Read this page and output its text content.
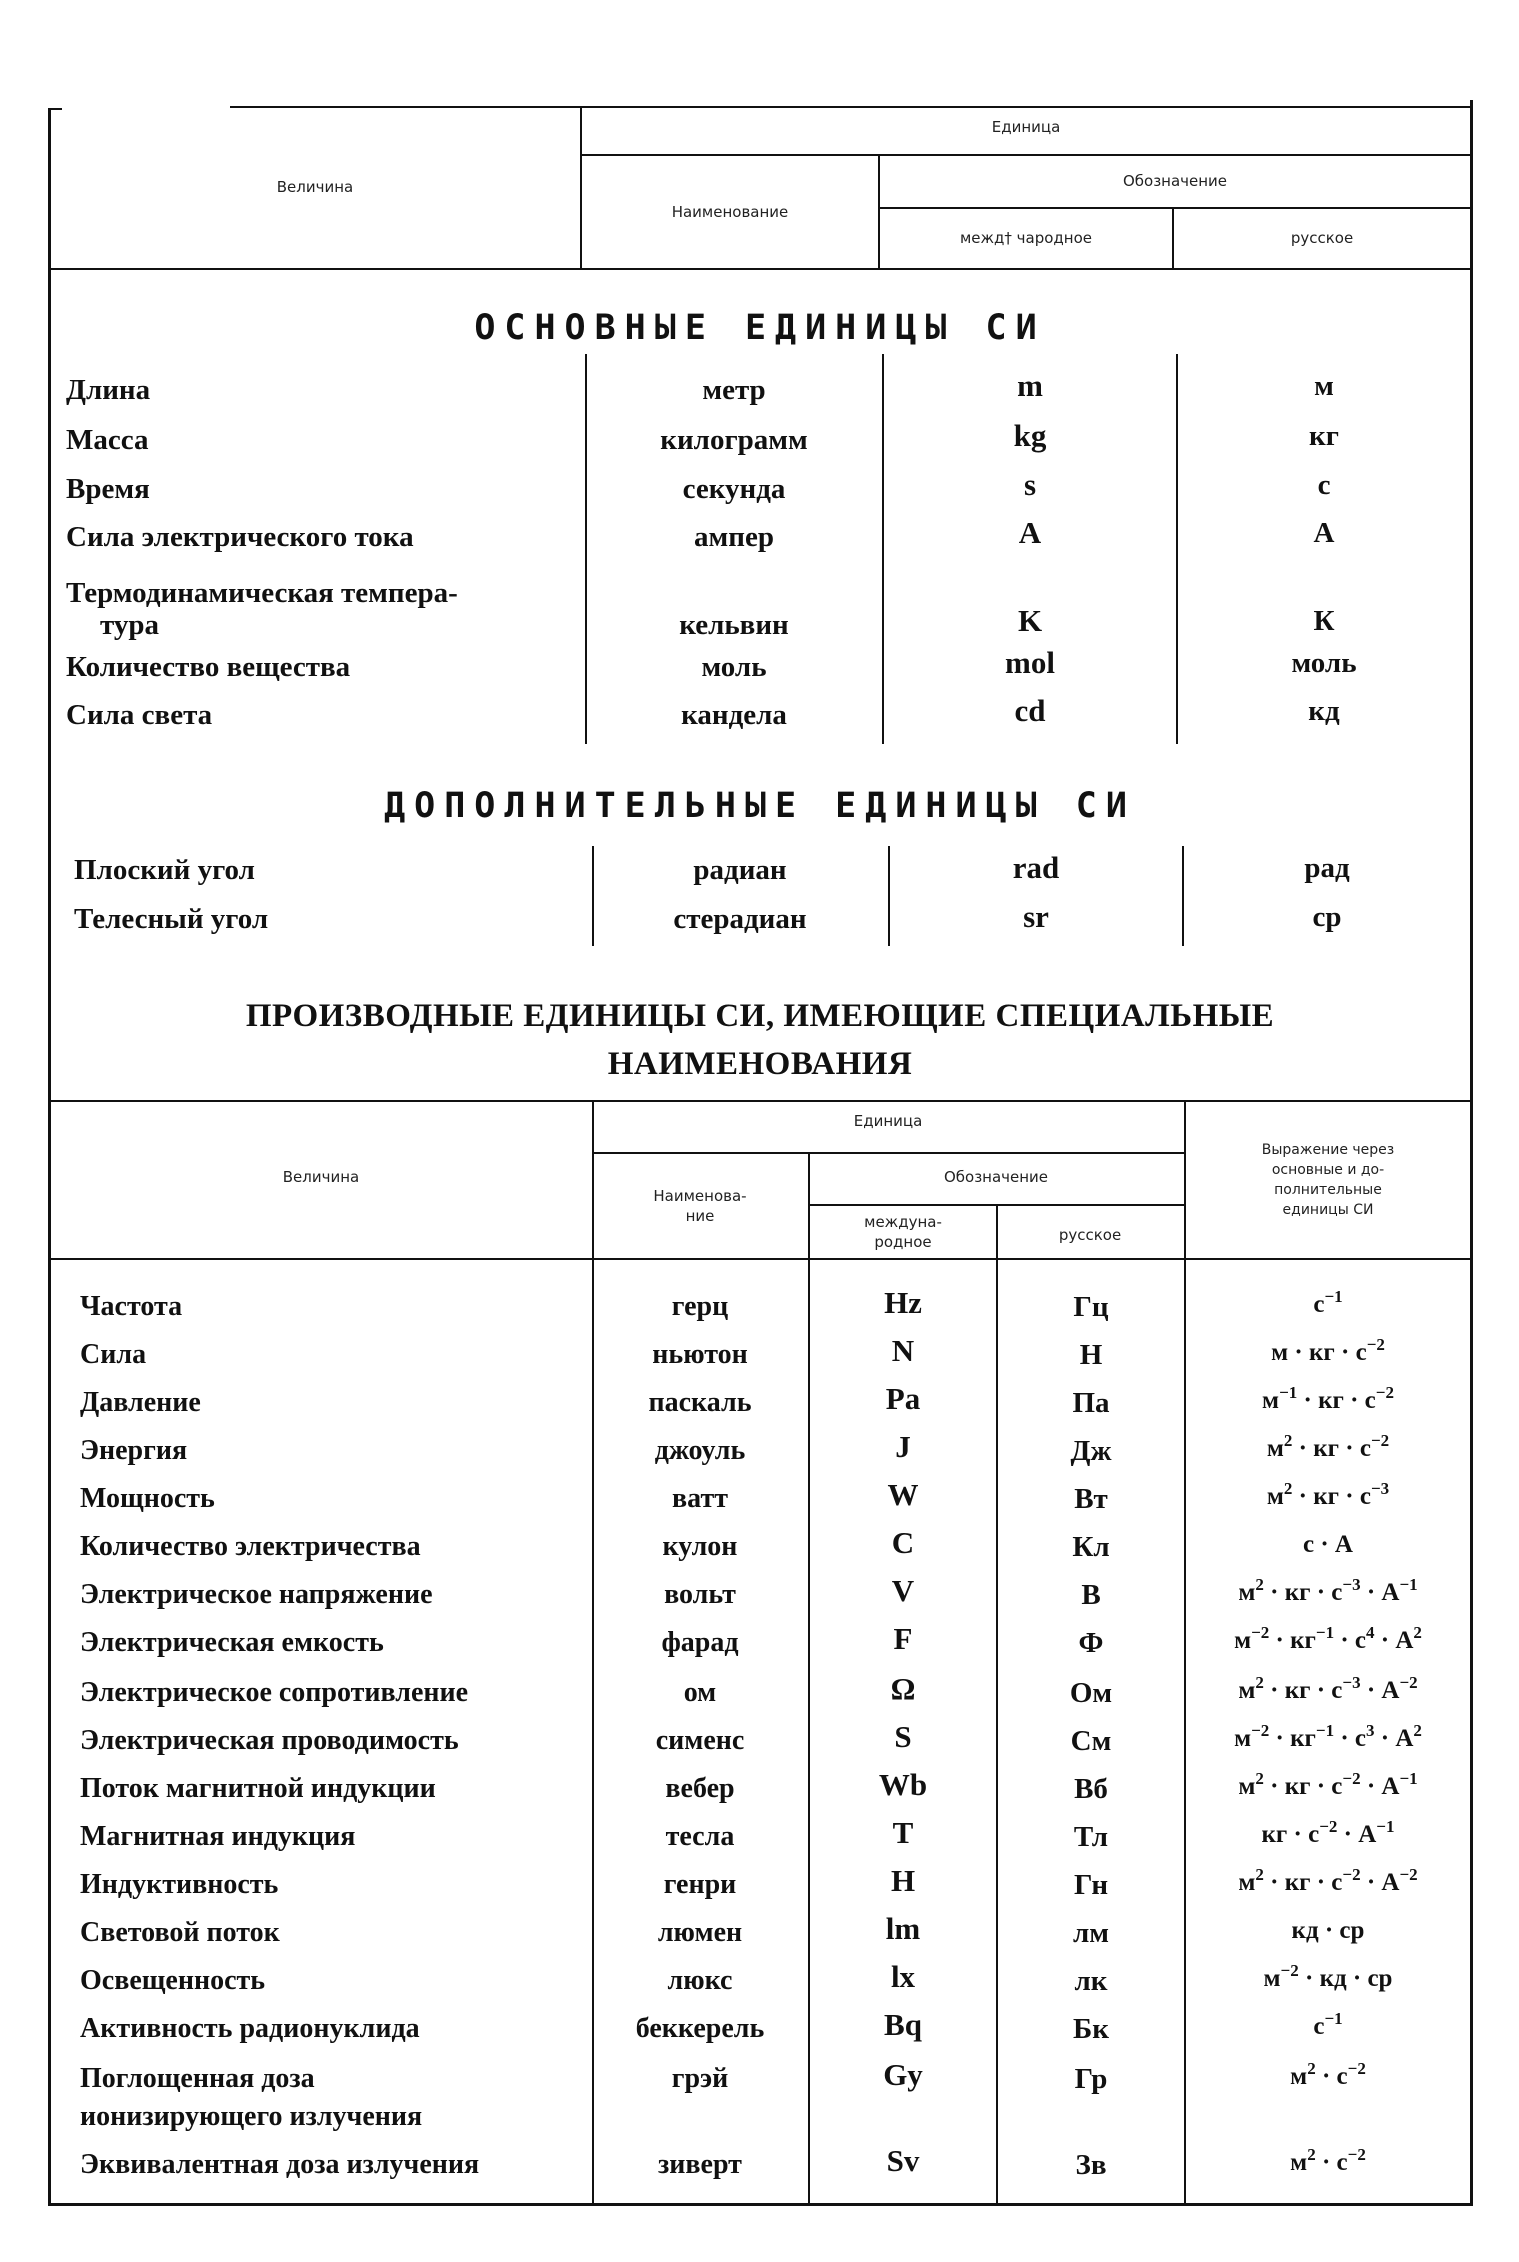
Величина
Единица
Наименование
Обозначение
межд† чародное	русское
ОСНОВНЫЕ ЕДИНИЦЫ СИ
Длина	метр	m	м
Масса	килограмм	kg	кг
Время	секунда	s	с
Сила электрического тока	ампер	A	А
Термодинамическая темпера-
тура	кельвин	K	К
Количество вещества	моль	mol	моль
Сила света	кандела	cd	кд
ДОПОЛНИТЕЛЬНЫЕ ЕДИНИЦЫ СИ
Плоский угол	радиан	rad	рад
Телесный угол	стерадиан	sr	ср
ПРОИЗВОДНЫЕ ЕДИНИЦЫ СИ, ИМЕЮЩИЕ СПЕЦИАЛЬНЫЕ
НАИМЕНОВАНИЯ
Величина
Единица
Наименова-
ние
Обозначение
междуна-
родное	русское
Выражение через
основные и до-
полнительные
единицы СИ
Частота	герц	Hz	Гц	$с^{-1}$
Сила	ньютон	N	Н	м · кг · $с^{-2}$
Давление	паскаль	Pa	Па	$м^{-1}$ · кг · $с^{-2}$
Энергия	джоуль	J	Дж	$м^2$ · кг · $с^{-2}$
Мощность	ватт	W	Вт	$м^2$ · кг · $с^{-3}$
Количество электричества	кулон	C	Кл	с · А
Электрическое напряжение	вольт	V	В	$м^2$ · кг · $с^{-3} \cdot А^{-1}$
Электрическая емкость	фарад	F	Ф	$м^{-2} \cdot кг^{-1} \cdot с^4 \cdot А^2$
Электрическое сопротивление	ом	Ω	Ом	$м^2$ · кг · $с^{-3} \cdot А^{-2}$
Электрическая проводимость	сименс	S	См	$м^{-2} \cdot кг^{-1} \cdot с^3 \cdot А^2$
Поток магнитной индукции	вебер	Wb	Вб	$м^2$ · кг · $с^{-2} \cdot А^{-1}$
Магнитная индукция	тесла	T	Тл	кг · $с^{-2} \cdot А^{-1}$
Индуктивность	генри	H	Гн	$м^2$ · кг · $с^{-2} \cdot А^{-2}$
Световой поток	люмен	lm	лм	кд · ср
Освещенность	люкс	lx	лк	$м^{-2}$ · кд · ср
Активность радионуклида	беккерель	Bq	Бк	$с^{-1}$
Поглощенная доза
ионизирующего излучения
грэй	Gy	Гр	$м^2 \cdot с^{-2}$
Эквивалентная доза излучения	зиверт	Sv	Зв	$м^2 \cdot с^{-2}$
